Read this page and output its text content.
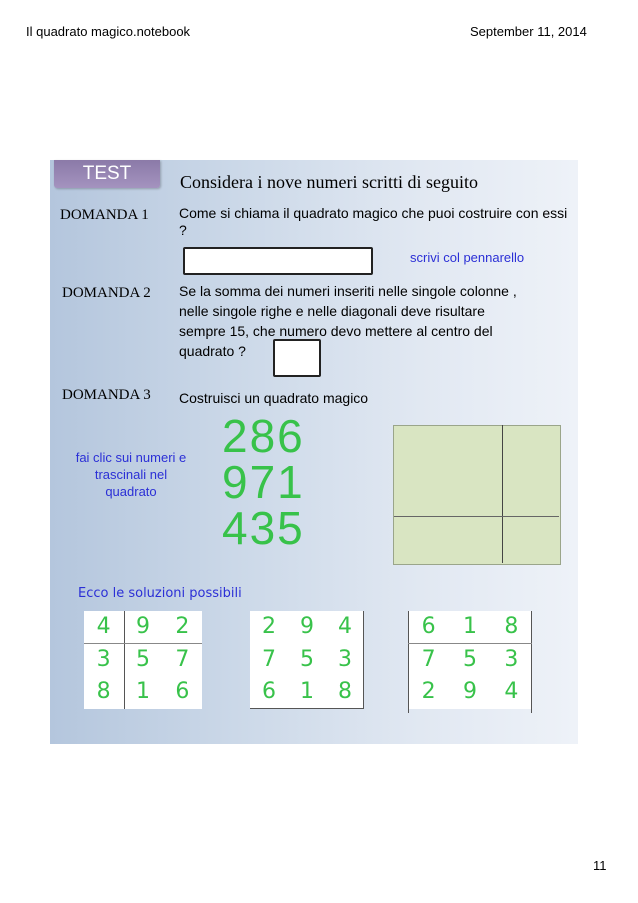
Il quadrato magico.notebook	September 11, 2014
11
TEST	Considera i nove numeri scritti di seguito
DOMANDA 1 Come si chiama il quadrato magico che puoi costruire con essi ?
scrivi col pennarello
DOMANDA 2 Se la somma dei numeri inseriti nelle singole colonne ,
nelle singole righe e nelle diagonali deve risultare
sempre 15, che numero devo mettere al centro del
quadrato ?
DOMANDA 3 Costruisci un quadrato magico
fai clic sui numeri e
trascinali nel
quadrato
286
971
435
Ecco le soluzioni possibili
4	9	2
3	5	7
8	1	6
2	9	4
7	5	3
6	1	8
6	1	8
7	5	3
2	9	4
